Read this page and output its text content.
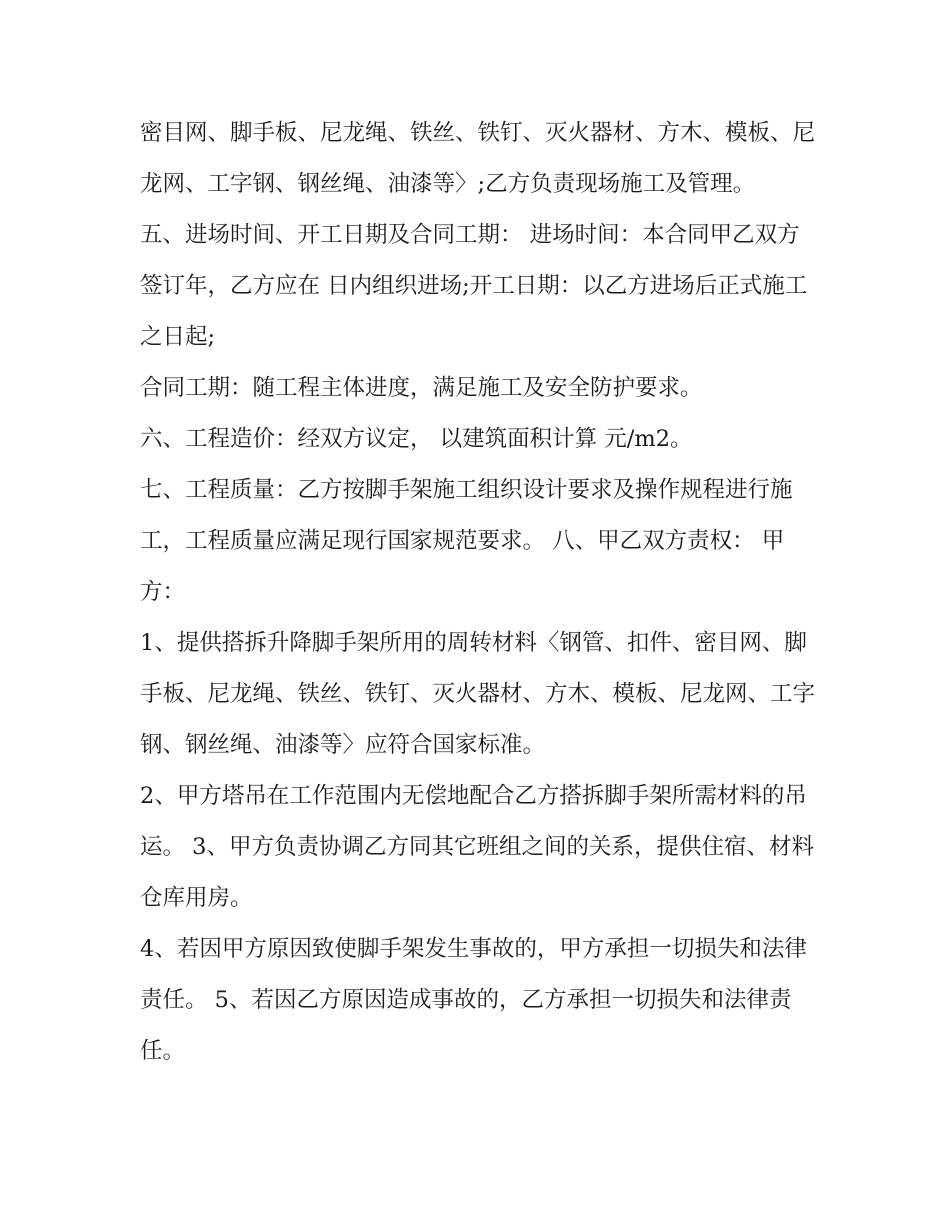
密目网、脚手板、尼龙绳、铁丝、铁钉、灭火器材、方木、模板、尼龙网、工字钢、钢丝绳、油漆等〉;乙方负责现场施工及管理。

五、进场时间、开工日期及合同工期： 进场时间：本合同甲乙双方签订年，乙方应在 日内组织进场;开工日期：以乙方进场后正式施工之日起;

合同工期：随工程主体进度，满足施工及安全防护要求。

六、工程造价：经双方议定， 以建筑面积计算 元/m2。

七、工程质量：乙方按脚手架施工组织设计要求及操作规程进行施工，工程质量应满足现行国家规范要求。 八、甲乙双方责权： 甲方：

1、提供搭拆升降脚手架所用的周转材料〈钢管、扣件、密目网、脚手板、尼龙绳、铁丝、铁钉、灭火器材、方木、模板、尼龙网、工字钢、钢丝绳、油漆等〉应符合国家标准。

2、甲方塔吊在工作范围内无偿地配合乙方搭拆脚手架所需材料的吊运。 3、甲方负责协调乙方同其它班组之间的关系，提供住宿、材料仓库用房。

4、若因甲方原因致使脚手架发生事故的，甲方承担一切损失和法律责任。 5、若因乙方原因造成事故的，乙方承担一切损失和法律责任。
